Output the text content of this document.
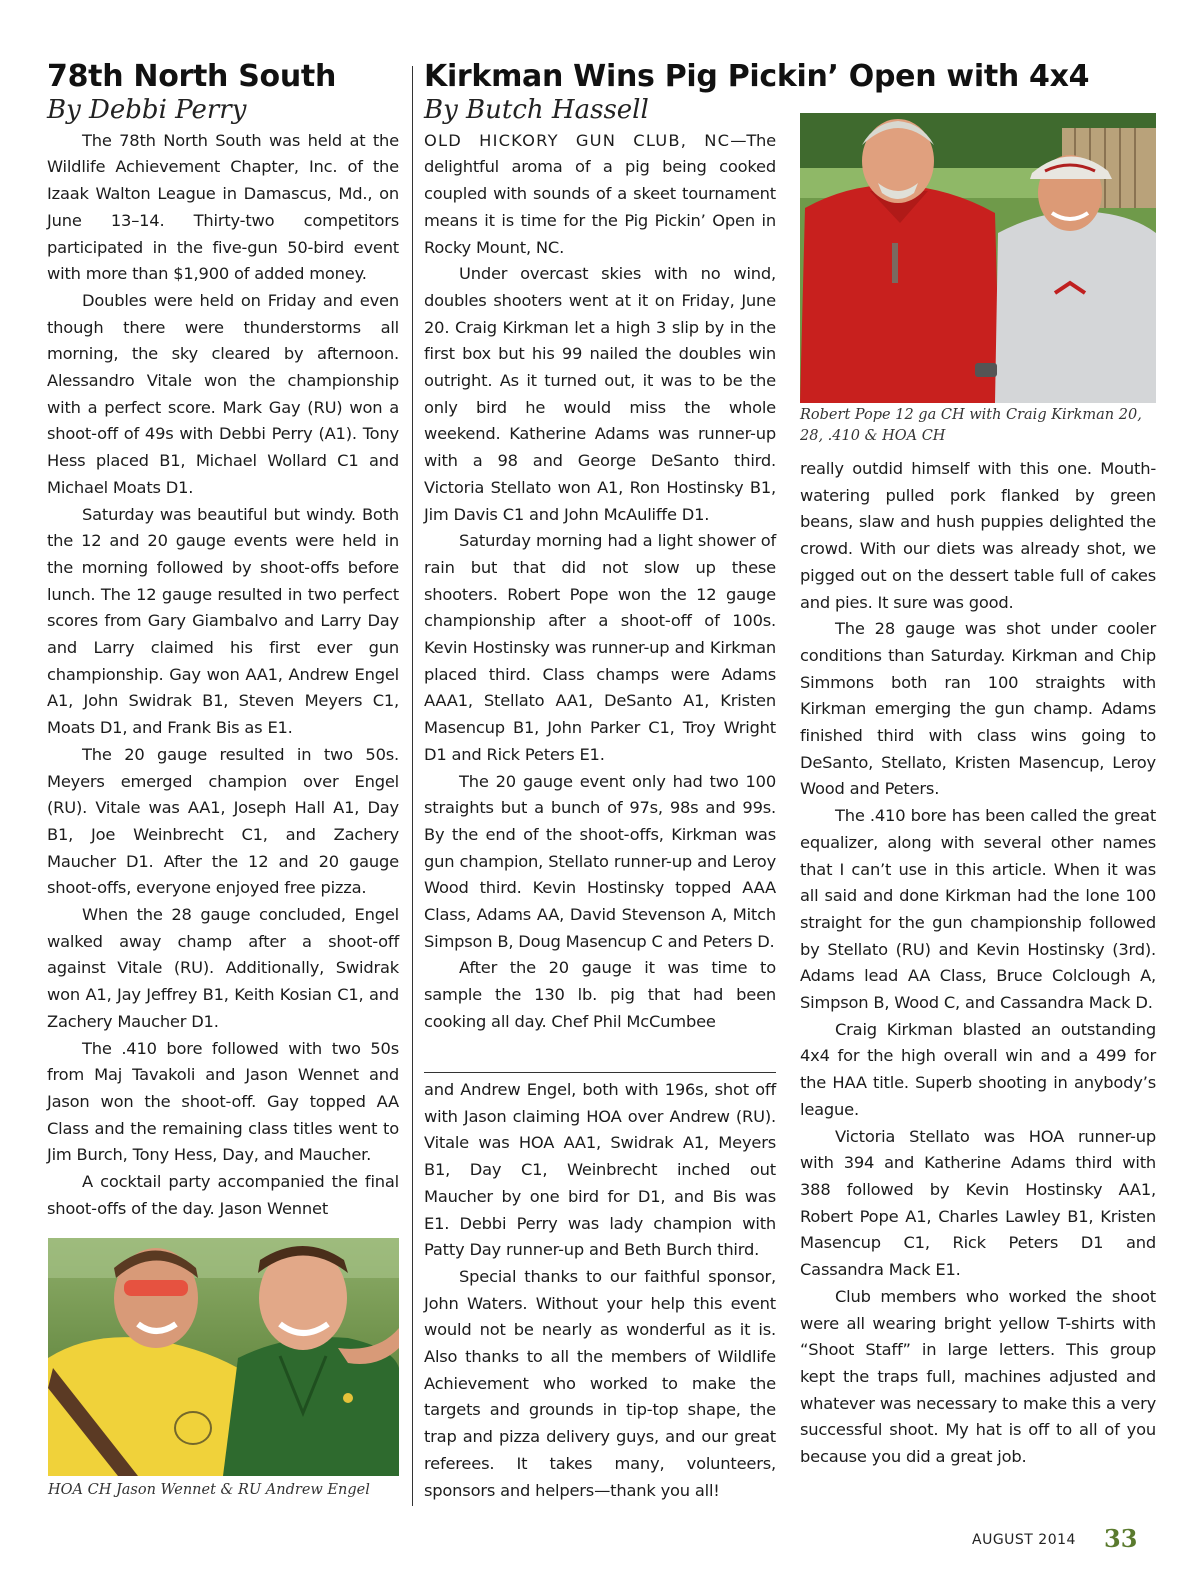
78th North South
By Debbi Perry

The 78th North South was held at the Wildlife Achievement Chapter, Inc. of the Izaak Walton League in Damascus, Md., on June 13–14. Thirty-two competitors participated in the five-gun 50-bird event with more than $1,900 of added money.

Doubles were held on Friday and even though there were thunderstorms all morning, the sky cleared by afternoon. Alessandro Vitale won the championship with a perfect score. Mark Gay (RU) won a shoot-off of 49s with Debbi Perry (A1). Tony Hess placed B1, Michael Wollard C1 and Michael Moats D1.

Saturday was beautiful but windy. Both the 12 and 20 gauge events were held in the morning followed by shoot-offs before lunch. The 12 gauge resulted in two perfect scores from Gary Giambalvo and Larry Day and Larry claimed his first ever gun championship. Gay won AA1, Andrew Engel A1, John Swidrak B1, Steven Meyers C1, Moats D1, and Frank Bis as E1.

The 20 gauge resulted in two 50s. Meyers emerged champion over Engel (RU). Vitale was AA1, Joseph Hall A1, Day B1, Joe Weinbrecht C1, and Zachery Maucher D1. After the 12 and 20 gauge shoot-offs, everyone enjoyed free pizza.

When the 28 gauge concluded, Engel walked away champ after a shoot-off against Vitale (RU). Additionally, Swidrak won A1, Jay Jeffrey B1, Keith Kosian C1, and Zachery Maucher D1.

The .410 bore followed with two 50s from Maj Tavakoli and Jason Wennet and Jason won the shoot-off. Gay topped AA Class and the remaining class titles went to Jim Burch, Tony Hess, Day, and Maucher.

A cocktail party accompanied the final shoot-offs of the day. Jason Wennet

HOA CH Jason Wennet & RU Andrew Engel
Kirkman Wins Pig Pickin’ Open with 4x4
By Butch Hassell

OLD HICKORY GUN CLUB, NC—The delightful aroma of a pig being cooked coupled with sounds of a skeet tournament means it is time for the Pig Pickin’ Open in Rocky Mount, NC.

Under overcast skies with no wind, doubles shooters went at it on Friday, June 20. Craig Kirkman let a high 3 slip by in the first box but his 99 nailed the doubles win outright. As it turned out, it was to be the only bird he would miss the whole weekend. Katherine Adams was runner-up with a 98 and George DeSanto third. Victoria Stellato won A1, Ron Hostinsky B1, Jim Davis C1 and John McAuliffe D1.

Saturday morning had a light shower of rain but that did not slow up these shooters. Robert Pope won the 12 gauge championship after a shoot-off of 100s. Kevin Hostinsky was runner-up and Kirkman placed third. Class champs were Adams AAA1, Stellato AA1, DeSanto A1, Kristen Masencup B1, John Parker C1, Troy Wright D1 and Rick Peters E1.

The 20 gauge event only had two 100 straights but a bunch of 97s, 98s and 99s. By the end of the shoot-offs, Kirkman was gun champion, Stellato runner-up and Leroy Wood third. Kevin Hostinsky topped AAA Class, Adams AA, David Stevenson A, Mitch Simpson B, Doug Masencup C and Peters D.

After the 20 gauge it was time to sample the 130 lb. pig that had been cooking all day. Chef Phil McCumbee

and Andrew Engel, both with 196s, shot off with Jason claiming HOA over Andrew (RU). Vitale was HOA AA1, Swidrak A1, Meyers B1, Day C1, Weinbrecht inched out Maucher by one bird for D1, and Bis was E1. Debbi Perry was lady champion with Patty Day runner-up and Beth Burch third.

Special thanks to our faithful sponsor, John Waters. Without your help this event would not be nearly as wonderful as it is. Also thanks to all the members of Wildlife Achievement who worked to make the targets and grounds in tip-top shape, the trap and pizza delivery guys, and our great referees. It takes many, volunteers, sponsors and helpers—thank you all!

Robert Pope 12 ga CH with Craig Kirkman 20, 28, .410 & HOA CH

really outdid himself with this one. Mouth-watering pulled pork flanked by green beans, slaw and hush puppies delighted the crowd. With our diets was already shot, we pigged out on the dessert table full of cakes and pies. It sure was good.

The 28 gauge was shot under cooler conditions than Saturday. Kirkman and Chip Simmons both ran 100 straights with Kirkman emerging the gun champ. Adams finished third with class wins going to DeSanto, Stellato, Kristen Masencup, Leroy Wood and Peters.

The .410 bore has been called the great equalizer, along with several other names that I can’t use in this article. When it was all said and done Kirkman had the lone 100 straight for the gun championship followed by Stellato (RU) and Kevin Hostinsky (3rd). Adams lead AA Class, Bruce Colclough A, Simpson B, Wood C, and Cassandra Mack D.

Craig Kirkman blasted an outstanding 4x4 for the high overall win and a 499 for the HAA title. Superb shooting in anybody’s league.

Victoria Stellato was HOA runner-up with 394 and Katherine Adams third with 388 followed by Kevin Hostinsky AA1, Robert Pope A1, Charles Lawley B1, Kristen Masencup C1, Rick Peters D1 and Cassandra Mack E1.

Club members who worked the shoot were all wearing bright yellow T-shirts with “Shoot Staff” in large letters. This group kept the traps full, machines adjusted and whatever was necessary to make this a very successful shoot. My hat is off to all of you because you did a great job.

AUGUST 2014 33
